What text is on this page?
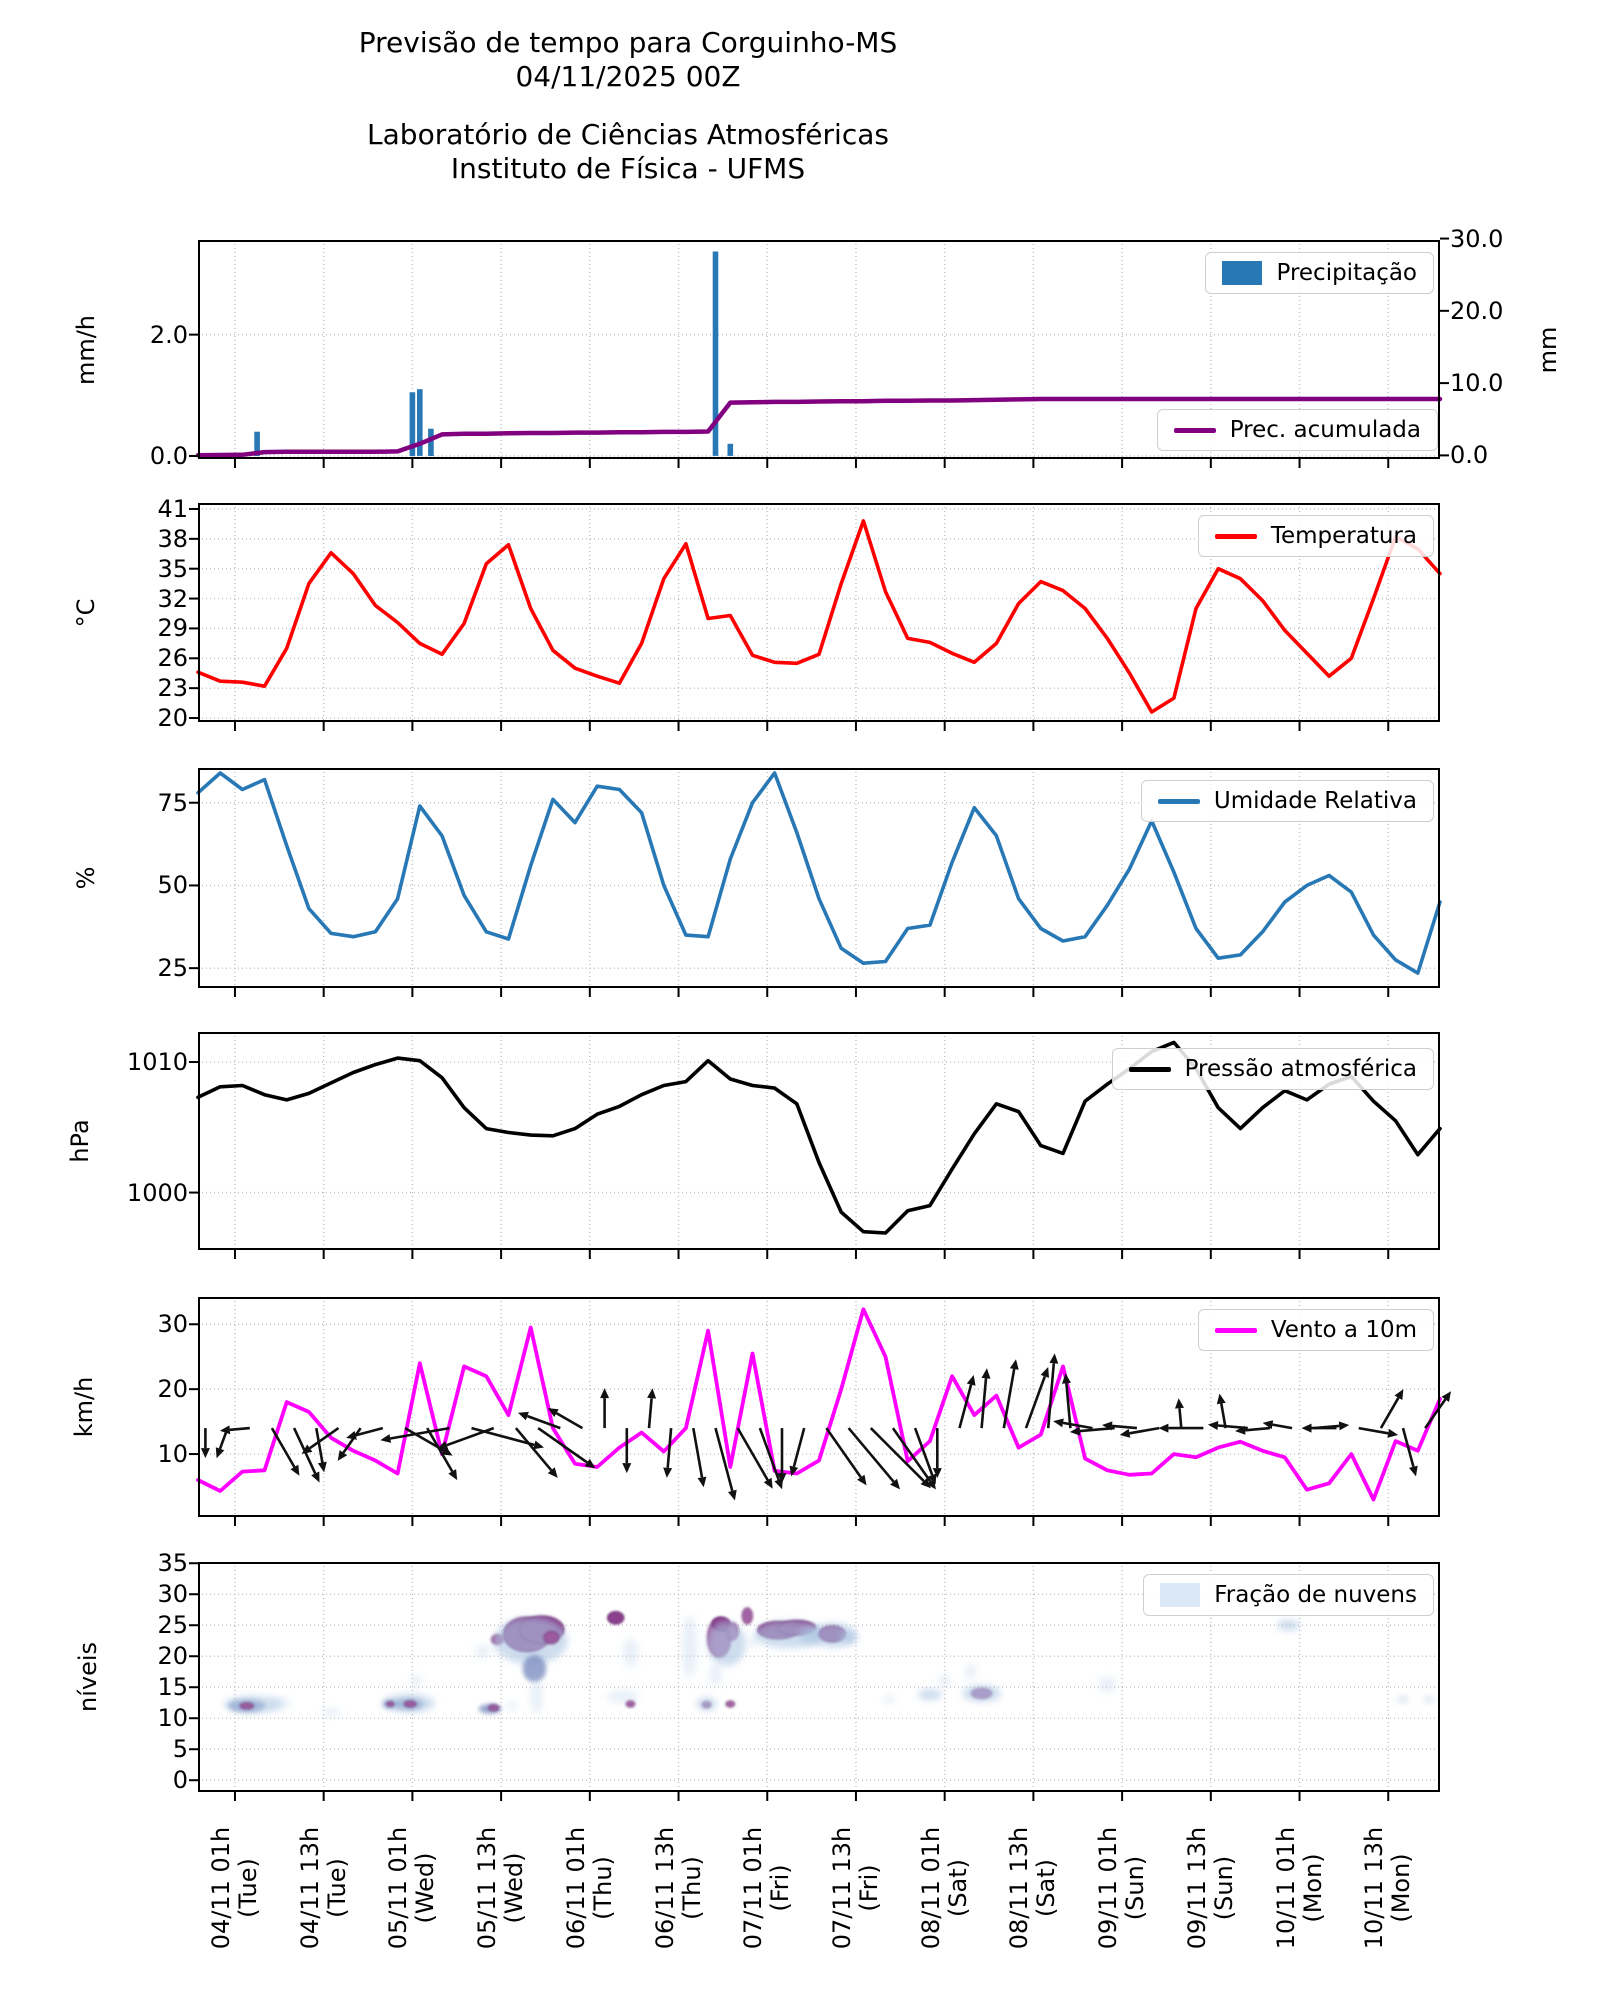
Previsão de tempo para Corguinho-MS
04/11/2025 00Z
Laboratório de Ciências Atmosféricas
Instituto de Física - UFMS
mm/h	mm
°C
%
hPa
km/h
níveis
Precipitação
Prec. acumulada
Temperatura
Umidade Relativa
Pressão atmosférica
Vento a 10m
Fração de nuvens
04/11 01h (Tue) 04/11 13h (Tue) 05/11 01h (Wed) 05/11 13h (Wed) 06/11 01h (Thu) 06/11 13h (Thu) 07/11 01h (Fri) 07/11 13h (Fri) 08/11 01h (Sat) 08/11 13h (Sat) 09/11 01h (Sun) 09/11 13h (Sun) 10/11 01h (Mon) 10/11 13h (Mon)
0.0
2.0
0.0
10.0
20.0
30.0
20
23
26
29
32
35
38
41
25
50
75
1000
1010
10
20
30
0
5
10
15
20
25
30
35
